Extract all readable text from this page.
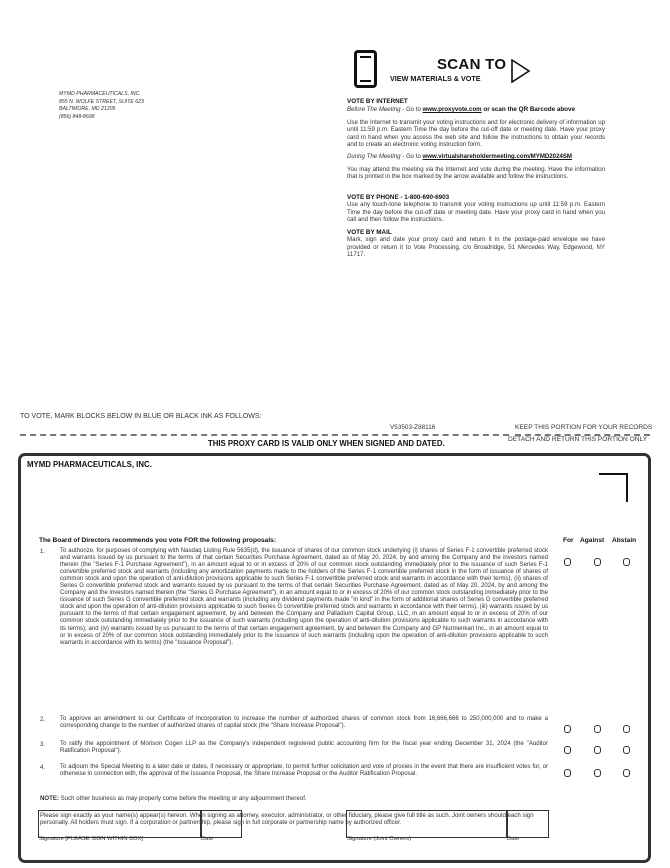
MYMD PHARMACEUTICALS, INC.
855 N. WOLFE STREET, SUITE 623
BALTIMORE, MD 21205
(856) 848-8698
SCAN TO
VIEW MATERIALS & VOTE
VOTE BY INTERNET

Before The Meeting - Go to www.proxyvote.com or scan the QR Barcode above

Use the Internet to transmit your voting instructions and for electronic delivery of information up until 11:59 p.m. Eastern Time the day before the cut-off date or meeting date. Have your proxy card in hand when you access the web site and follow the instructions to obtain your records and to create an electronic voting instruction form.

During The Meeting - Go to www.virtualshareholdermeeting.com/MYMD2024SM

You may attend the meeting via the Internet and vote during the meeting. Have the information that is printed in the box marked by the arrow available and follow the instructions.

VOTE BY PHONE - 1-800-690-6903

Use any touch-tone telephone to transmit your voting instructions up until 11:59 p.m. Eastern Time the day before the cut-off date or meeting date. Have your proxy card in hand when you call and then follow the instructions.

VOTE BY MAIL

Mark, sign and date your proxy card and return it in the postage-paid envelope we have provided or return it to Vote Processing, c/o Broadridge, 51 Mercedes Way, Edgewood, NY 11717.

TO VOTE, MARK BLOCKS BELOW IN BLUE OR BLACK INK AS FOLLOWS:
V53503-Z88116	KEEP THIS PORTION FOR YOUR RECORDS
DETACH AND RETURN THIS PORTION ONLY
THIS PROXY CARD IS VALID ONLY WHEN SIGNED AND DATED.
MYMD PHARMACEUTICALS, INC.
The Board of Directors recommends you vote FOR the following proposals:	For Against Abstain
1. To authorize, for purposes of complying with Nasdaq Listing Rule 5635(d), the issuance of shares of our common stock underlying (i) shares of Series F-1 convertible preferred stock and warrants issued by us pursuant to the terms of that certain Securities Purchase Agreement, dated as of May 20, 2024, by and among the Company and the investors named therein (the "Series F-1 Purchase Agreement"), in an amount equal to or in excess of 20% of our common stock outstanding immediately prior to the issuance of such Series F-1 convertible preferred stock and warrants (including any amortization payments made to the holders of the Series F-1 convertible preferred stock in the form of issuance of shares of common stock and upon the operation of anti-dilution provisions applicable to such Series F-1 convertible preferred stock and warrants in accordance with their terms), (ii) shares of Series G convertible preferred stock and warrants issued by us pursuant to the terms of that certain Securities Purchase Agreement, dated as of May 20, 2024, by and among the Company and the investors named therein (the "Series G Purchase Agreement"), in an amount equal to or in excess of 20% of our common stock outstanding immediately prior to the issuance of such Series G convertible preferred stock and warrants (including any dividend payments made "in kind" in the form of additional shares of Series G convertible preferred stock and upon the operation of anti-dilution provisions applicable to such Series G convertible preferred stock and warrants in accordance with their terms), (iii) warrants issued by us pursuant to the terms of that certain engagement agreement, by and between the Company and Palladium Capital Group, LLC, in an amount equal to or in excess of 20% of our common stock outstanding immediately prior to the issuance of such warrants (including upon the operation of anti-dilution provisions applicable to such warrants in accordance with its terms), and (iv) warrants issued by us pursuant to the terms of that certain engagement agreement, by and between the Company and GP Nurmenkari Inc., in an amount equal to or in excess of 20% of our common stock outstanding immediately prior to the issuance of such warrants (including upon the operation of anti-dilution provisions applicable to such warrants in accordance with its terms) (the "Issuance Proposal").
2. To approve an amendment to our Certificate of Incorporation to increase the number of authorized shares of common stock from 16,666,666 to 250,000,000 and to make a corresponding change to the number of authorized shares of capital stock (the "Share Increase Proposal").
3. To ratify the appointment of Morison Cogen LLP as the Company's independent registered public accounting firm for the fiscal year ending December 31, 2024 (the "Auditor Ratification Proposal").
4. To adjourn the Special Meeting to a later date or dates, if necessary or appropriate, to permit further solicitation and vote of proxies in the event that there are insufficient votes for, or otherwise in connection with, the approval of the Issuance Proposal, the Share Increase Proposal or the Auditor Ratification Proposal.
NOTE: Such other business as may properly come before the meeting or any adjournment thereof.
Please sign exactly as your name(s) appear(s) hereon. When signing as attorney, executor, administrator, or other fiduciary, please give full title as such. Joint owners should each sign personally. All holders must sign. If a corporation or partnership, please sign in full corporate or partnership name by authorized officer.
Signature [PLEASE SIGN WITHIN BOX]	Date	Signature (Joint Owners)	Date
